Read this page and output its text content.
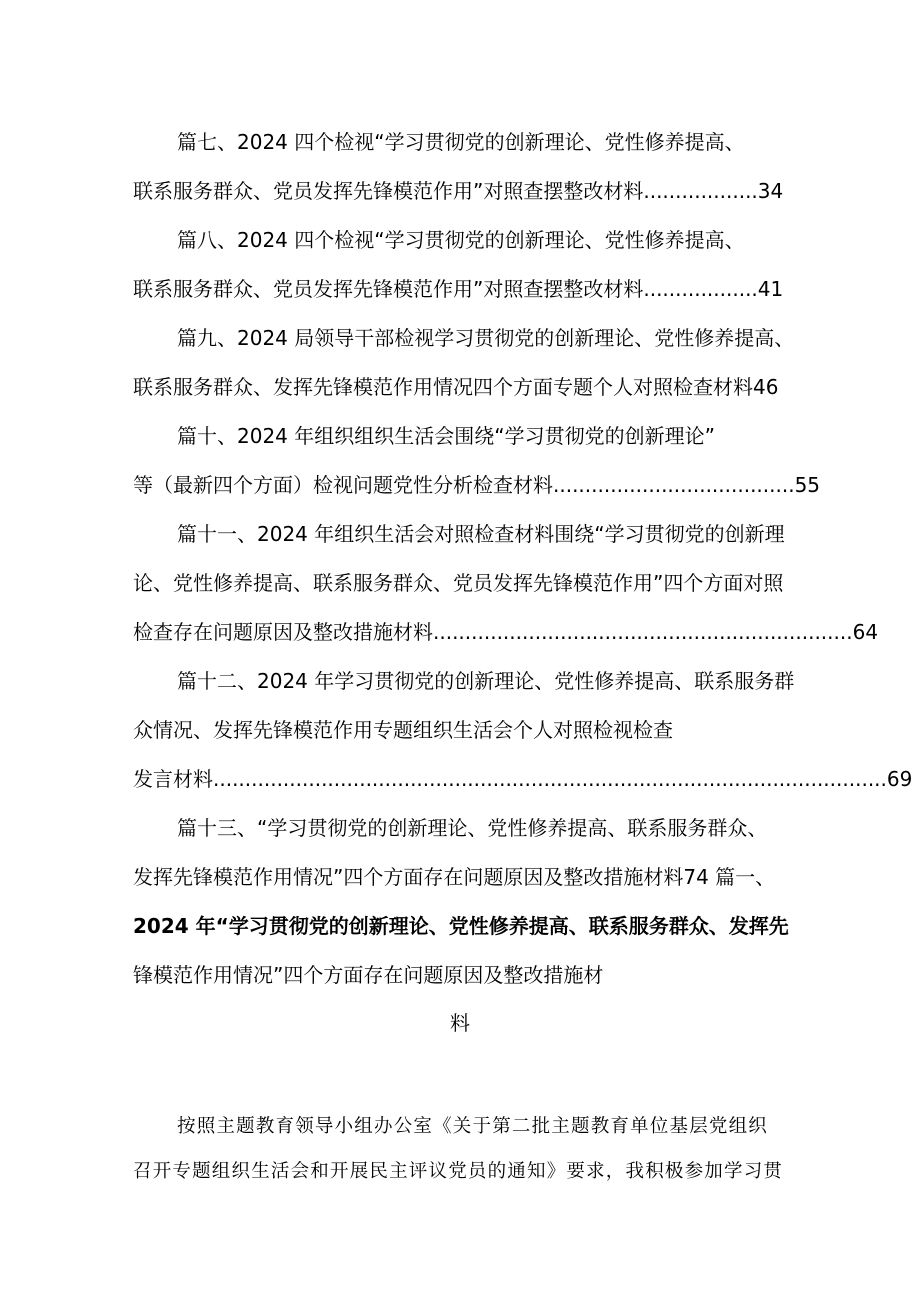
篇七、2024 四个检视“学习贯彻党的创新理论、党性修养提高、
联系服务群众、党员发挥先锋模范作用”对照查摆整改材料..................34
篇八、2024 四个检视“学习贯彻党的创新理论、党性修养提高、
联系服务群众、党员发挥先锋模范作用”对照查摆整改材料..................41
篇九、2024 局领导干部检视学习贯彻党的创新理论、党性修养提高、
联系服务群众、发挥先锋模范作用情况四个方面专题个人对照检查材料46
篇十、2024 年组织组织生活会围绕“学习贯彻党的创新理论”
等（最新四个方面）检视问题党性分析检查材料......................................55
篇十一、2024 年组织生活会对照检查材料围绕“学习贯彻党的创新理
论、党性修养提高、联系服务群众、党员发挥先锋模范作用”四个方面对照
检查存在问题原因及整改措施材料..................................................................64
篇十二、2024 年学习贯彻党的创新理论、党性修养提高、联系服务群
众情况、发挥先锋模范作用专题组织生活会个人对照检视检查
发言材料..........................................................................................................69
篇十三、“学习贯彻党的创新理论、党性修养提高、联系服务群众、
发挥先锋模范作用情况”四个方面存在问题原因及整改措施材料74 篇一、
2024 年“学习贯彻党的创新理论、党性修养提高、联系服务群众、发挥先
锋模范作用情况”四个方面存在问题原因及整改措施材
料
按照主题教育领导小组办公室《关于第二批主题教育单位基层党组织
召开专题组织生活会和开展民主评议党员的通知》要求，我积极参加学习贯
